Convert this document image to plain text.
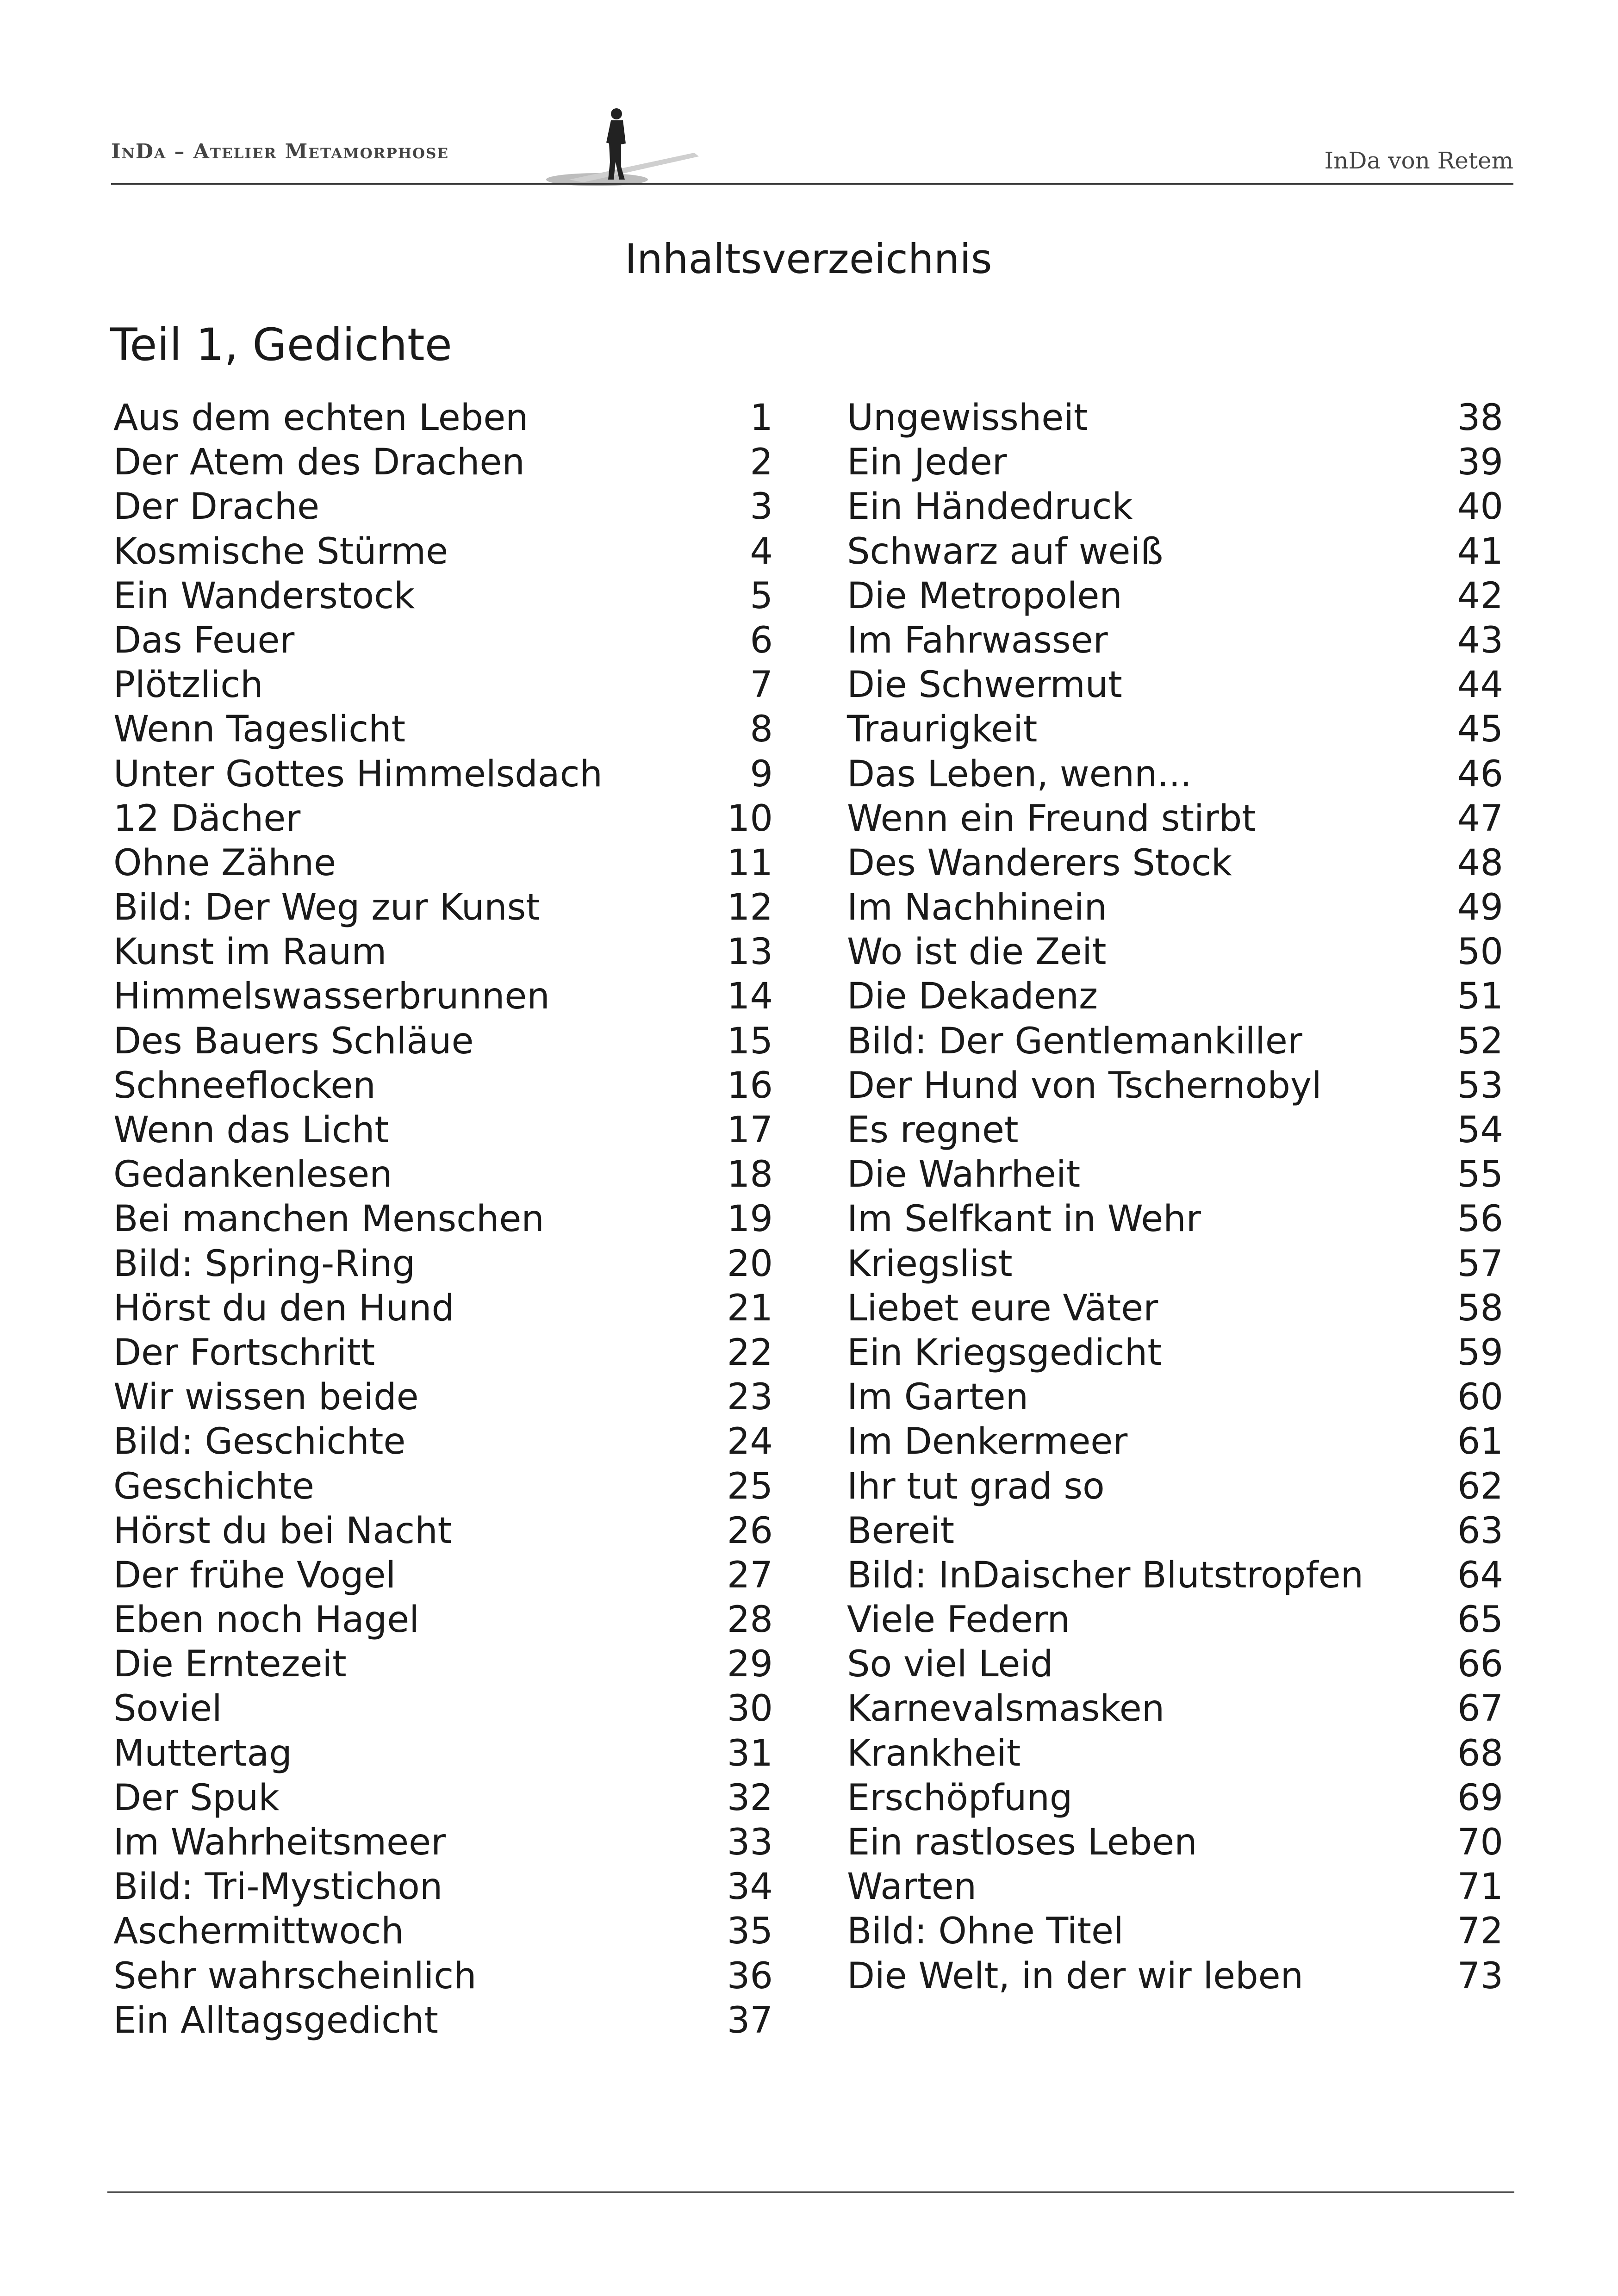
InDa – Atelier Metamorphose	InDa von Retem
Inhaltsverzeichnis
Teil 1, Gedichte
Aus dem echten Leben	1
Der Atem des Drachen	2
Der Drache	3
Kosmische Stürme	4
Ein Wanderstock	5
Das Feuer	6
Plötzlich	7
Wenn Tageslicht	8
Unter Gottes Himmelsdach	9
12 Dächer	10
Ohne Zähne	11
Bild: Der Weg zur Kunst	12
Kunst im Raum	13
Himmelswasserbrunnen	14
Des Bauers Schläue	15
Schneeflocken	16
Wenn das Licht	17
Gedankenlesen	18
Bei manchen Menschen	19
Bild: Spring-Ring	20
Hörst du den Hund	21
Der Fortschritt	22
Wir wissen beide	23
Bild: Geschichte	24
Geschichte	25
Hörst du bei Nacht	26
Der frühe Vogel	27
Eben noch Hagel	28
Die Erntezeit	29
Soviel	30
Muttertag	31
Der Spuk	32
Im Wahrheitsmeer	33
Bild: Tri-Mystichon	34
Aschermittwoch	35
Sehr wahrscheinlich	36
Ein Alltagsgedicht	37
Ungewissheit	38
Ein Jeder	39
Ein Händedruck	40
Schwarz auf weiß	41
Die Metropolen	42
Im Fahrwasser	43
Die Schwermut	44
Traurigkeit	45
Das Leben, wenn...	46
Wenn ein Freund stirbt	47
Des Wanderers Stock	48
Im Nachhinein	49
Wo ist die Zeit	50
Die Dekadenz	51
Bild: Der Gentlemankiller	52
Der Hund von Tschernobyl	53
Es regnet	54
Die Wahrheit	55
Im Selfkant in Wehr	56
Kriegslist	57
Liebet eure Väter	58
Ein Kriegsgedicht	59
Im Garten	60
Im Denkermeer	61
Ihr tut grad so	62
Bereit	63
Bild: InDaischer Blutstropfen	64
Viele Federn	65
So viel Leid	66
Karnevalsmasken	67
Krankheit	68
Erschöpfung	69
Ein rastloses Leben	70
Warten	71
Bild: Ohne Titel	72
Die Welt, in der wir leben	73
